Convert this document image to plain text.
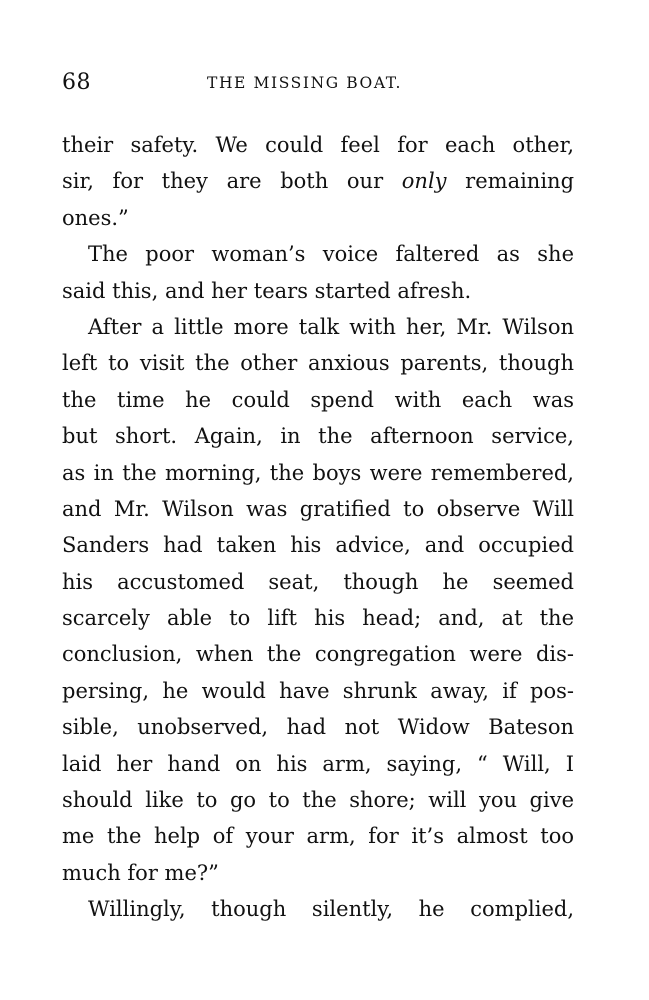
68	THE MISSING BOAT.
their safety. We could feel for each other,
sir, for they are both our only remaining
ones.”
The poor woman’s voice faltered as she
said this, and her tears started afresh.
After a little more talk with her, Mr. Wilson
left to visit the other anxious parents, though
the time he could spend with each was
but short. Again, in the afternoon service,
as in the morning, the boys were remembered,
and Mr. Wilson was gratified to observe Will
Sanders had taken his advice, and occupied
his accustomed seat, though he seemed
scarcely able to lift his head; and, at the
conclusion, when the congregation were dis-
persing, he would have shrunk away, if pos-
sible, unobserved, had not Widow Bateson
laid her hand on his arm, saying, “ Will, I
should like to go to the shore; will you give
me the help of your arm, for it’s almost too
much for me?”
Willingly, though silently, he complied,
